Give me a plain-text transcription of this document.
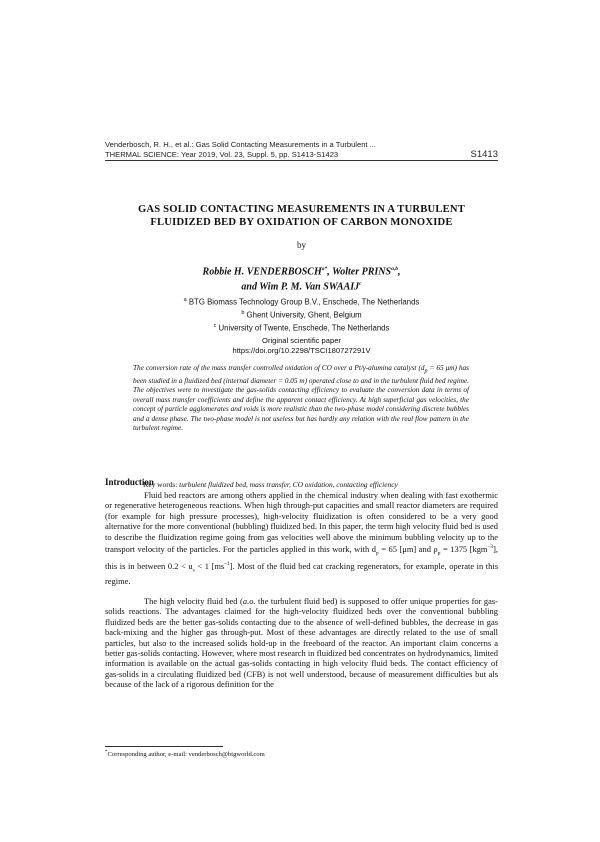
Venderbosch, R. H., et al.: Gas Solid Contacting Measurements in a Turbulent ...
THERMAL SCIENCE: Year 2019, Vol. 23, Suppl. 5, pp. S1413-S1423	S1413
GAS SOLID CONTACTING MEASUREMENTS IN A TURBULENT
FLUIDIZED BED BY OXIDATION OF CARBON MONOXIDE
by
Robbie H. $VENDERBOSCH^{a*}$, Wolter PRINS$^{a,b}$,
and Wim P. M. Van SWAAIJ$^c$
$^a$ BTG Biomass Technology Group B.V., Enschede, The Netherlands
$^b$ Ghent University, Ghent, Belgium
$^c$ University of Twente, Enschede, The Netherlands
Original scientific paper
https://doi.org/10.2298/TSCI180727291V
The conversion rate of the mass transfer controlled oxidation of CO over a Pt/γ-alumina catalyst ($d_p = 65$ μm) has been studied in a fluidized bed (internal diameter = 0.05 m) operated close to and in the turbulent fluid bed regime. The objectives were to investigate the gas-solids contacting efficiency to evaluate the conversion data in terms of overall mass transfer coefficients and define the apparent contact efficiency. At high superficial gas velocities, the concept of particle agglomerates and voids is more realistic than the two-phase model considering discrete bubbles and a dense phase. The two-phase model is not useless but has hardly any relation with the real flow pattern in the turbulent regime.
Key words: turbulent fluidized bed, mass transfer, CO oxidation, contacting efficiency
Introduction
Fluid bed reactors are among others applied in the chemical industry when dealing with fast exothermic or regenerative heterogeneous reactions. When high through-put capacities and small reactor diameters are required (for example for high pressure processes), high-velocity fluidization is often considered to be a very good alternative for the more conventional (bubbling) fluidized bed. In this paper, the term high velocity fluid bed is used to describe the fluidization regime going from gas velocities well above the minimum bubbling velocity up to the transport velocity of the particles. For the particles applied in this work, with $d_p = 65$ [μm] and $\rho_p = 1375$ [kgm$^{-3}$], this is in between $0.2 < u_s < 1$ $[ms^{-1}]$. Most of the fluid bed cat cracking regenerators, for example, operate in this regime.
The high velocity fluid bed (a.o. the turbulent fluid bed) is supposed to offer unique properties for gas-solids reactions. The advantages claimed for the high-velocity fluidized beds over the conventional bubbling fluidized beds are the better gas-solids contacting due to the absence of well-defined bubbles, the decrease in gas back-mixing and the higher gas through-put. Most of these advantages are directly related to the use of small particles, but also to the increased solids hold-up in the freeboard of the reactor. An important claim concerns a better gas-solids contacting. However, where most research in fluidized bed concentrates on hydrodynamics, limited information is available on the actual gas-solids contacting in high velocity fluid beds. The contact efficiency of gas-solids in a circulating fluidized bed (CFB) is not well understood, because of measurement difficulties but als because of the lack of a rigorous definition for the
*Corresponding author, e-mail: venderbosch@btgworld.com
